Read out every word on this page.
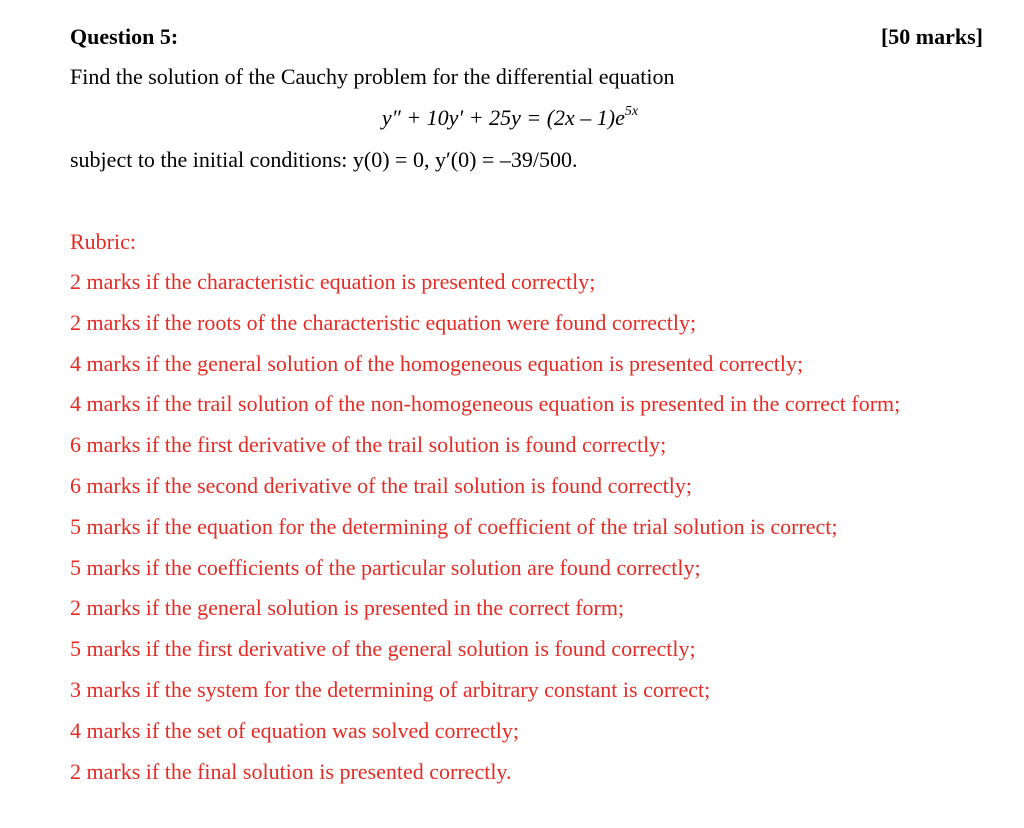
Question 5:	[50 marks]
Find the solution of the Cauchy problem for the differential equation
$y'' + 10y' + 25y = (2x - 1)e^{5x}$
subject to the initial conditions: y(0) = 0, y′(0) = –39/500.
Rubric:
2 marks if the characteristic equation is presented correctly;
2 marks if the roots of the characteristic equation were found correctly;
4 marks if the general solution of the homogeneous equation is presented correctly;
4 marks if the trail solution of the non-homogeneous equation is presented in the correct form;
6 marks if the first derivative of the trail solution is found correctly;
6 marks if the second derivative of the trail solution is found correctly;
5 marks if the equation for the determining of coefficient of the trial solution is correct;
5 marks if the coefficients of the particular solution are found correctly;
2 marks if the general solution is presented in the correct form;
5 marks if the first derivative of the general solution is found correctly;
3 marks if the system for the determining of arbitrary constant is correct;
4 marks if the set of equation was solved correctly;
2 marks if the final solution is presented correctly.
